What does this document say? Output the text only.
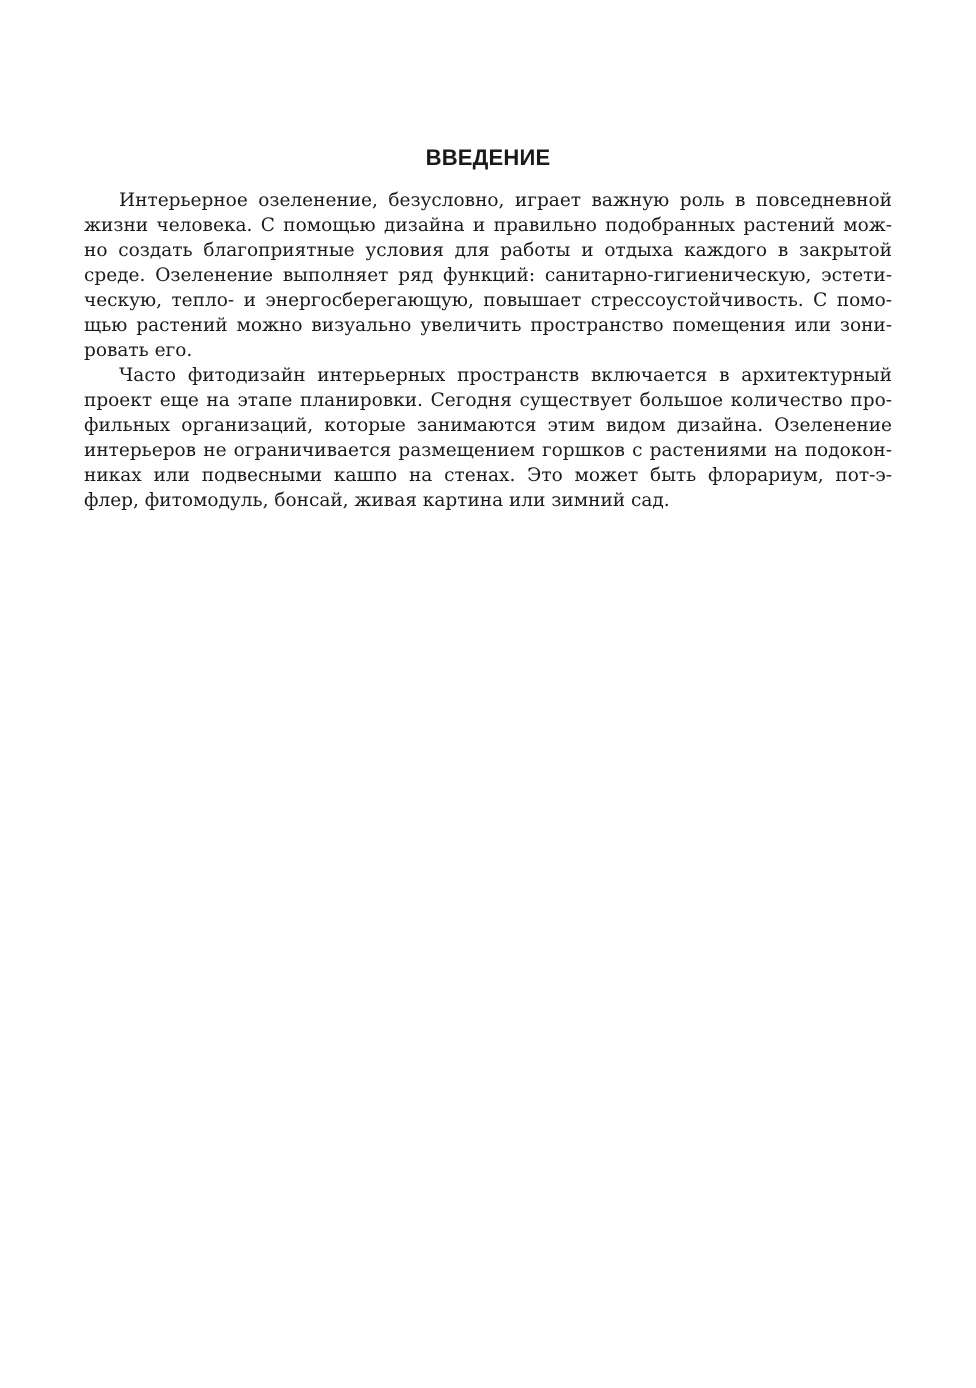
ВВЕДЕНИЕ
Интерьерное озеленение, безусловно, играет важную роль в повседневной
жизни человека. С помощью дизайна и правильно подобранных растений мож-
но создать благоприятные условия для работы и отдыха каждого в закрытой
среде. Озеленение выполняет ряд функций: санитарно-гигиеническую, эстети-
ческую, тепло- и энергосберегающую, повышает стрессоустойчивость. С помо-
щью растений можно визуально увеличить пространство помещения или зони-
ровать его.
Часто фитодизайн интерьерных пространств включается в архитектурный
проект еще на этапе планировки. Сегодня существует большое количество про-
фильных организаций, которые занимаются этим видом дизайна. Озеленение
интерьеров не ограничивается размещением горшков с растениями на подокон-
никах или подвесными кашпо на стенах. Это может быть флорариум, пот-э-
флер, фитомодуль, бонсай, живая картина или зимний сад.
